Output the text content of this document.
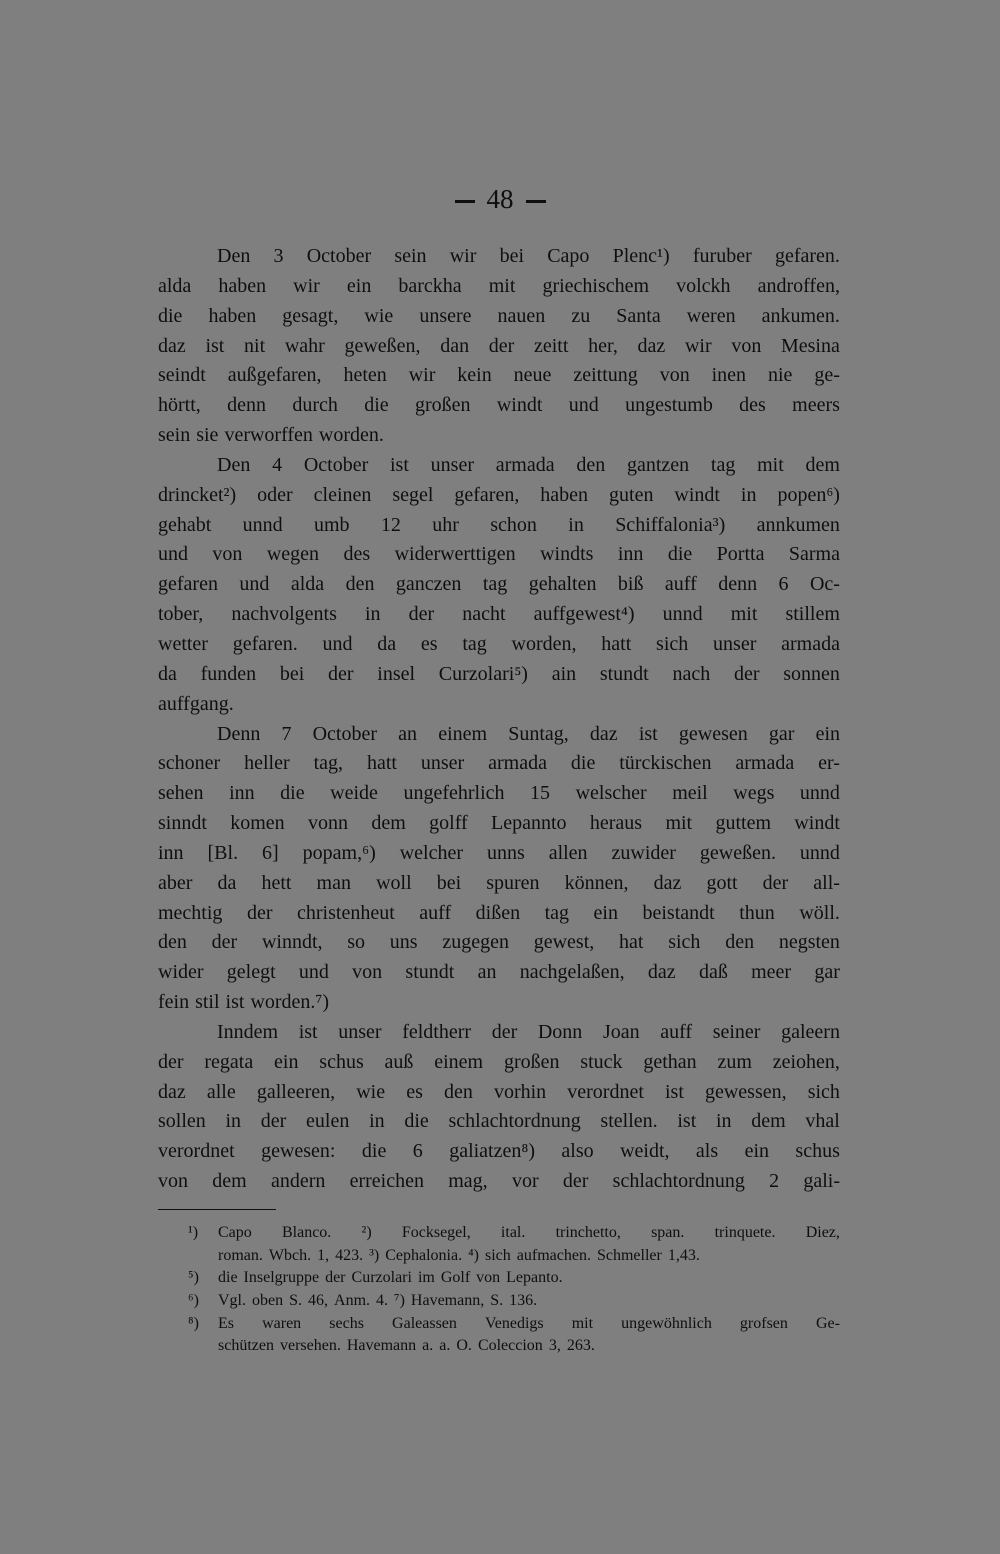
48
Den 3 October sein wir bei Capo Plenc¹) furuber gefaren.
alda haben wir ein barckha mit griechischem volckh androffen,
die haben gesagt, wie unsere nauen zu Santa weren ankumen.
daz ist nit wahr geweßen, dan der zeitt her, daz wir von Mesina
seindt außgefaren, heten wir kein neue zeittung von inen nie ge-
hörtt, denn durch die großen windt und ungestumb des meers
sein sie verworffen worden.
Den 4 October ist unser armada den gantzen tag mit dem
drincket²) oder cleinen segel gefaren, haben guten windt in popen⁶)
gehabt unnd umb 12 uhr schon in Schiffalonia³) annkumen
und von wegen des widerwerttigen windts inn die Portta Sarma
gefaren und alda den ganczen tag gehalten biß auff denn 6 Oc-
tober, nachvolgents in der nacht auffgewest⁴) unnd mit stillem
wetter gefaren. und da es tag worden, hatt sich unser armada
da funden bei der insel Curzolari⁵) ain stundt nach der sonnen
auffgang.
Denn 7 October an einem Suntag, daz ist gewesen gar ein
schoner heller tag, hatt unser armada die türckischen armada er-
sehen inn die weide ungefehrlich 15 welscher meil wegs unnd
sinndt komen vonn dem golff Lepannto heraus mit guttem windt
inn [Bl. 6] popam,⁶) welcher unns allen zuwider geweßen. unnd
aber da hett man woll bei spuren können, daz gott der all-
mechtig der christenheut auff dißen tag ein beistandt thun wöll.
den der winndt, so uns zugegen gewest, hat sich den negsten
wider gelegt und von stundt an nachgelaßen, daz daß meer gar
fein stil ist worden.⁷)
Inndem ist unser feldtherr der Donn Joan auff seiner galeern
der regata ein schus auß einem großen stuck gethan zum zeiohen,
daz alle galleeren, wie es den vorhin verordnet ist gewessen, sich
sollen in der eulen in die schlachtordnung stellen. ist in dem vhal
verordnet gewesen: die 6 galiatzen⁸) also weidt, als ein schus
von dem andern erreichen mag, vor der schlachtordnung 2 gali-
¹) Capo Blanco. ²) Focksegel, ital. trinchetto, span. trinquete. Diez,
roman. Wbch. 1, 423. ³) Cephalonia. ⁴) sich aufmachen. Schmeller 1,43.
⁵) die Inselgruppe der Curzolari im Golf von Lepanto.
⁶) Vgl. oben S. 46, Anm. 4. ⁷) Havemann, S. 136.
⁸) Es waren sechs Galeassen Venedigs mit ungewöhnlich grofsen Ge-
schützen versehen. Havemann a. a. O. Coleccion 3, 263.
